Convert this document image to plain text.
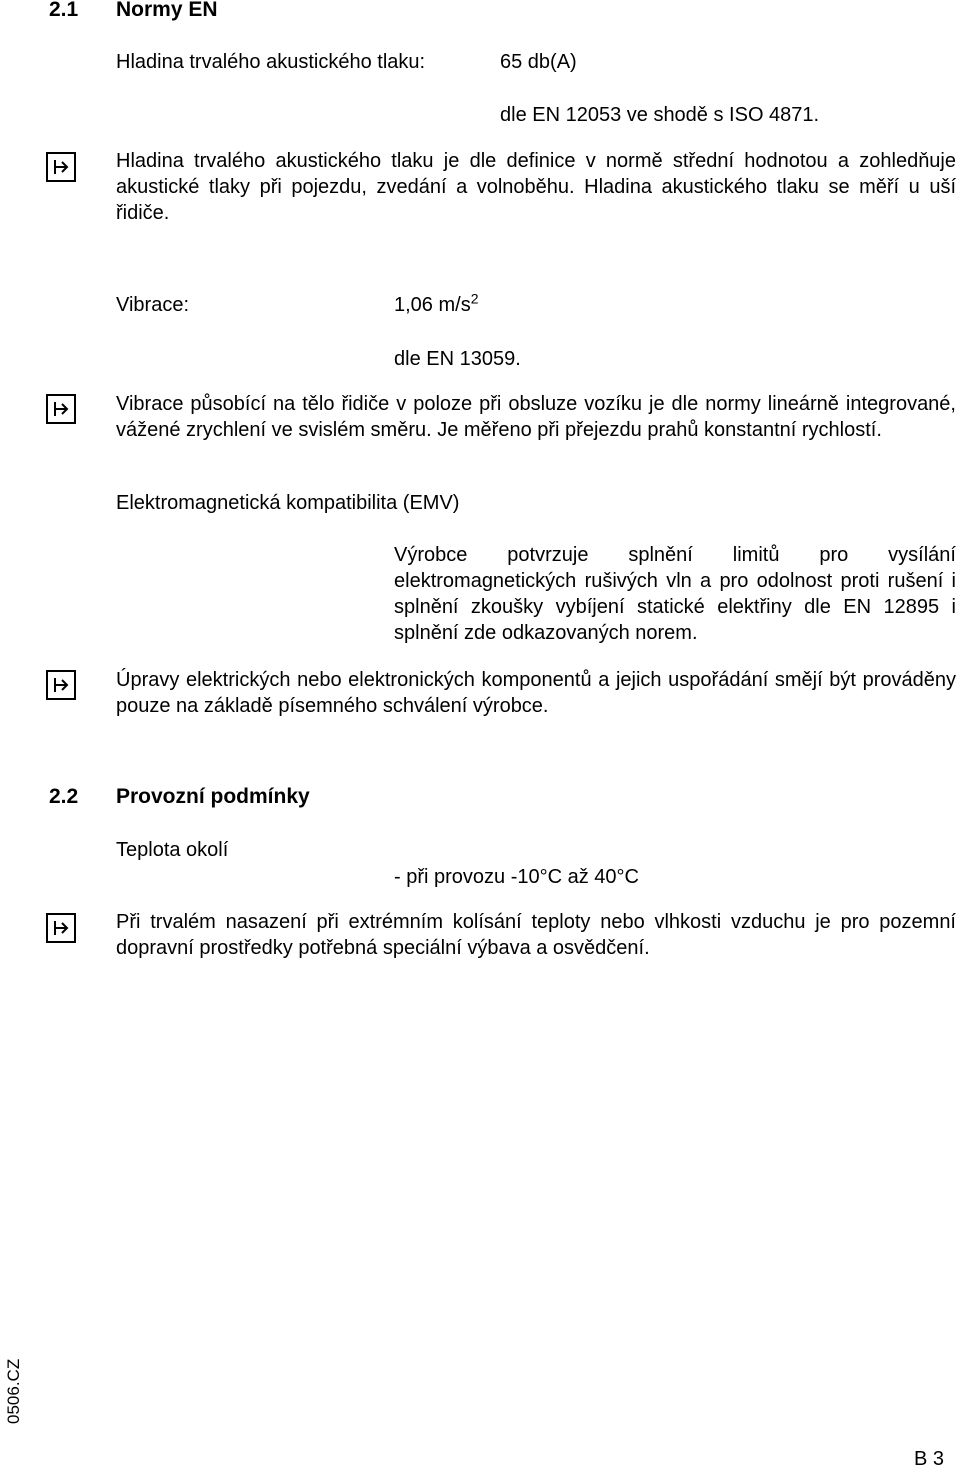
2.1 Normy EN
Hladina trvalého akustického tlaku:	65 db(A)
dle EN 12053 ve shodě s ISO 4871.
Hladina trvalého akustického tlaku je dle definice v normě střední hodnotou a zohledňuje akustické tlaky při pojezdu, zvedání a volnoběhu. Hladina akustického tlaku se měří u uší řidiče.
Vibrace:	1,06 $m/s^2$
dle EN 13059.
Vibrace působící na tělo řidiče v poloze při obsluze vozíku je dle normy lineárně integrované, vážené zrychlení ve svislém směru. Je měřeno při přejezdu prahů konstantní rychlostí.
Elektromagnetická kompatibilita (EMV)
Výrobce potvrzuje splnění limitů pro vysílání elektromagnetických rušivých vln a pro odolnost proti rušení i splnění zkoušky vybíjení statické elektřiny dle EN 12895 i splnění zde odkazovaných norem.
Úpravy elektrických nebo elektronických komponentů a jejich uspořádání smějí být prováděny pouze na základě písemného schválení výrobce.
2.2 Provozní podmínky
Teplota okolí
- při provozu -10°C až 40°C
Při trvalém nasazení při extrémním kolísání teploty nebo vlhkosti vzduchu je pro pozemní dopravní prostředky potřebná speciální výbava a osvědčení.
0506.CZ
B 3
